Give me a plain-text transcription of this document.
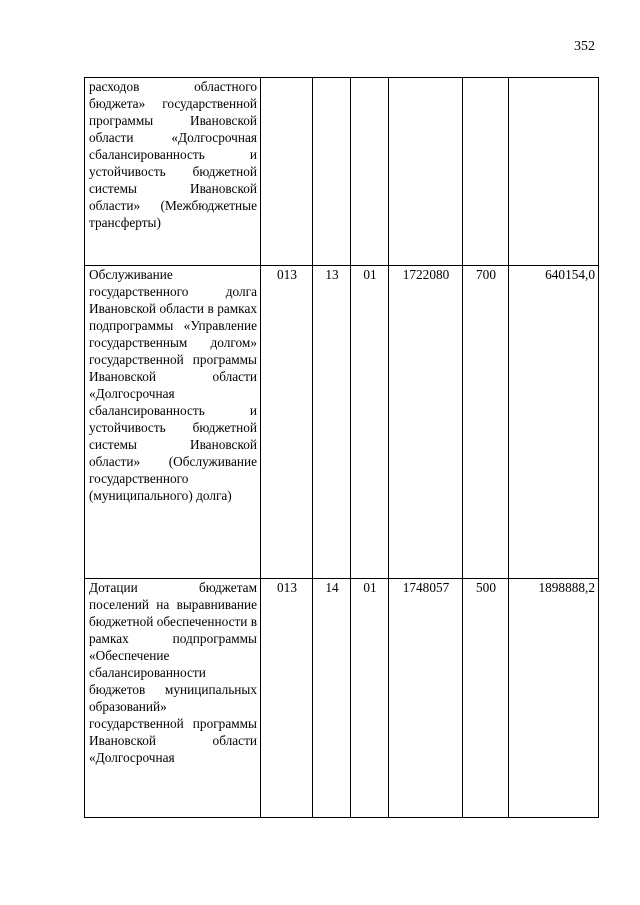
352
расходов областного бюджета» государственной программы Ивановской области «Долгосрочная сбалансированность и устойчивость бюджетной системы Ивановской области» (Межбюджетные трансферты)						
Обслуживание государственного долга Ивановской области в рамках подпрограммы «Управление государственным долгом» государственной программы Ивановской области «Долгосрочная сбалансированность и устойчивость бюджетной системы Ивановской области» (Обслуживание государственного (муниципального) долга)	013	13	01	1722080	700	640154,0
Дотации бюджетам поселений на выравнивание бюджетной обеспеченности в рамках подпрограммы «Обеспечение сбалансированности бюджетов муниципальных образований» государственной программы Ивановской области «Долгосрочная	013	14	01	1748057	500	1898888,2
